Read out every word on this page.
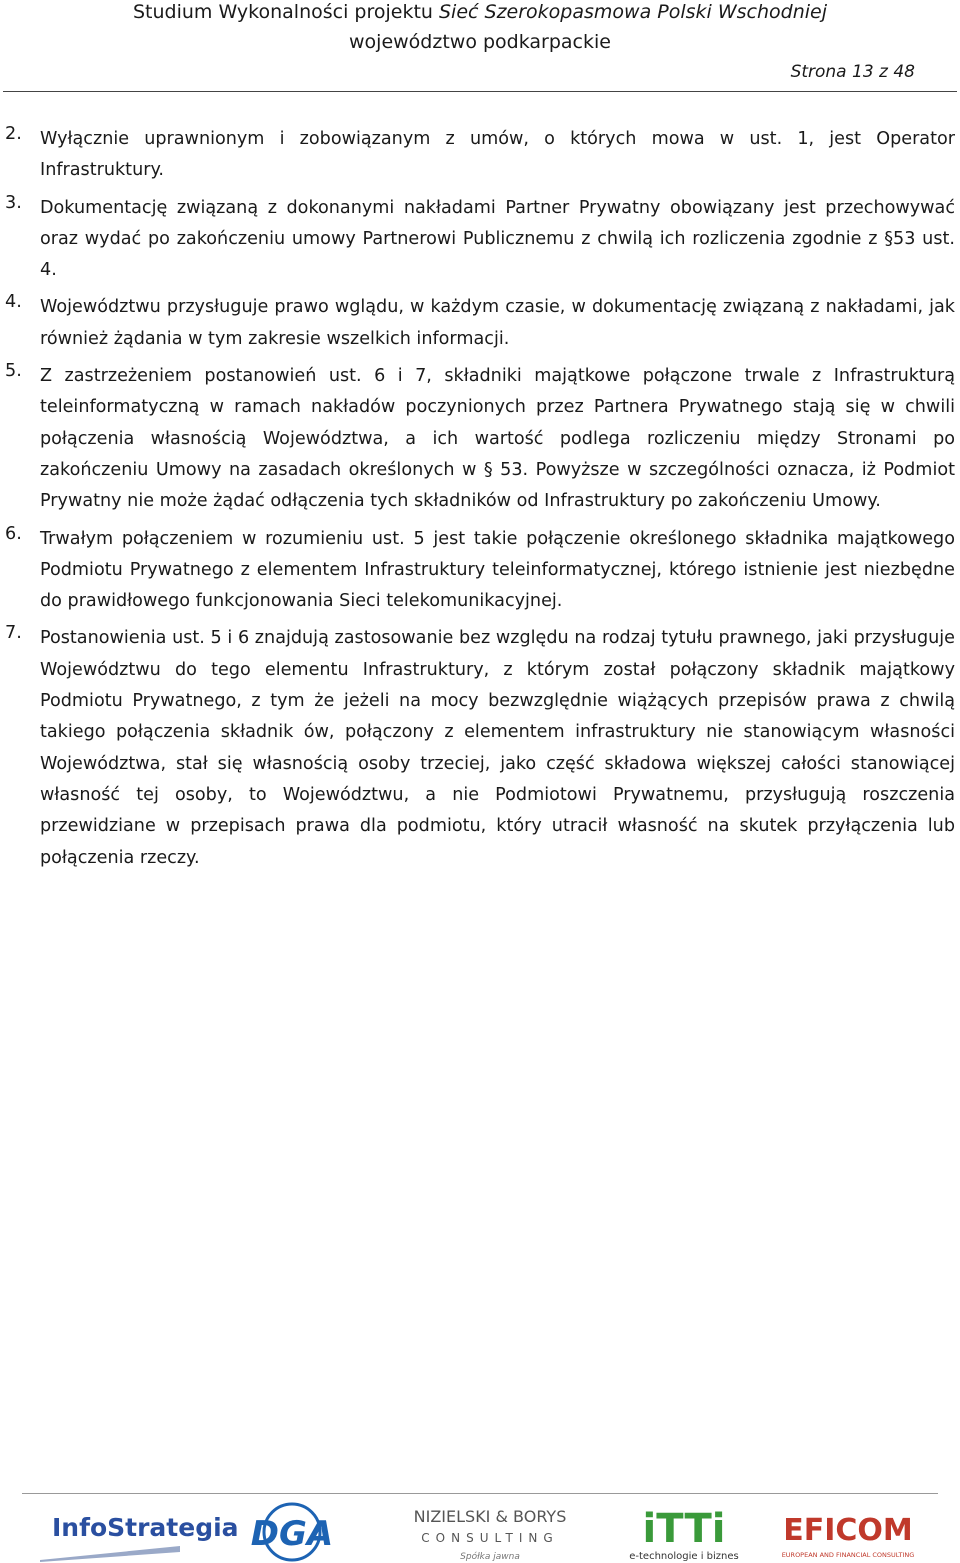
Studium Wykonalności projektu Sieć Szerokopasmowa Polski Wschodniej
województwo podkarpackie
Strona 13 z 48
2. Wyłącznie uprawnionym i zobowiązanym z umów, o których mowa w ust. 1, jest Operator Infrastruktury.

3. Dokumentację związaną z dokonanymi nakładami Partner Prywatny obowiązany jest przechowywać oraz wydać po zakończeniu umowy Partnerowi Publicznemu z chwilą ich rozliczenia zgodnie z §53 ust. 4.

4. Województwu przysługuje prawo wglądu, w każdym czasie, w dokumentację związaną z nakładami, jak również żądania w tym zakresie wszelkich informacji.

5. Z zastrzeżeniem postanowień ust. 6 i 7, składniki majątkowe połączone trwale z Infrastrukturą teleinformatyczną w ramach nakładów poczynionych przez Partnera Prywatnego stają się w chwili połączenia własnością Województwa, a ich wartość podlega rozliczeniu między Stronami po zakończeniu Umowy na zasadach określonych w § 53. Powyższe w szczególności oznacza, iż Podmiot Prywatny nie może żądać odłączenia tych składników od Infrastruktury po zakończeniu Umowy.

6. Trwałym połączeniem w rozumieniu ust. 5 jest takie połączenie określonego składnika majątkowego Podmiotu Prywatnego z elementem Infrastruktury teleinformatycznej, którego istnienie jest niezbędne do prawidłowego funkcjonowania Sieci telekomunikacyjnej.

7. Postanowienia ust. 5 i 6 znajdują zastosowanie bez względu na rodzaj tytułu prawnego, jaki przysługuje Województwu do tego elementu Infrastruktury, z którym został połączony składnik majątkowy Podmiotu Prywatnego, z tym że jeżeli na mocy bezwzględnie wiążących przepisów prawa z chwilą takiego połączenia składnik ów, połączony z elementem infrastruktury nie stanowiącym własności Województwa, stał się własnością osoby trzeciej, jako część składowa większej całości stanowiącej własność tej osoby, to Województwu, a nie Podmiotowi Prywatnemu, przysługują roszczenia przewidziane w przepisach prawa dla podmiotu, który utracił własność na skutek przyłączenia lub połączenia rzeczy.

InfoStrategia DGA	NIZIELSKI & BORYS
CONSULTING
Spółka jawna
iTTi
e-technologie i biznes
EFICOM
EUROPEAN AND FINANCIAL CONSULTING
